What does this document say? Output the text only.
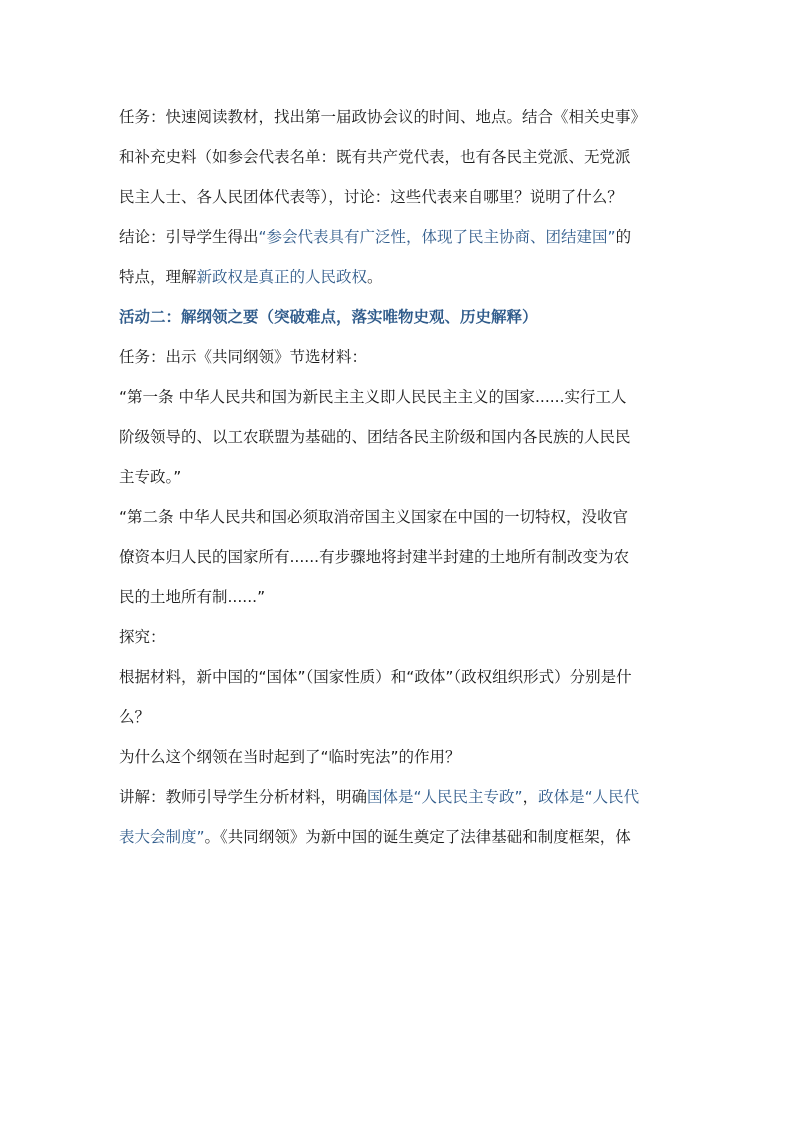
任务：快速阅读教材，找出第一届政协会议的时间、地点。结合《相关史事》
和补充史料（如参会代表名单：既有共产党代表，也有各民主党派、无党派
民主人士、各人民团体代表等），讨论：这些代表来自哪里？说明了什么？
结论：引导学生得出“参会代表具有广泛性，体现了民主协商、团结建国”的
特点，理解新政权是真正的人民政权。
活动二：解纲领之要（突破难点，落实唯物史观、历史解释）
任务：出示《共同纲领》节选材料：
“第一条 中华人民共和国为新民主主义即人民民主主义的国家......实行工人
阶级领导的、以工农联盟为基础的、团结各民主阶级和国内各民族的人民民
主专政。”
“第二条 中华人民共和国必须取消帝国主义国家在中国的一切特权，没收官
僚资本归人民的国家所有......有步骤地将封建半封建的土地所有制改变为农
民的土地所有制......”
探究：
根据材料，新中国的“国体”（国家性质）和“政体”（政权组织形式）分别是什
么？
为什么这个纲领在当时起到了“临时宪法”的作用？
讲解：教师引导学生分析材料，明确国体是“人民民主专政”，政体是“人民代
表大会制度”。《共同纲领》为新中国的诞生奠定了法律基础和制度框架，体
